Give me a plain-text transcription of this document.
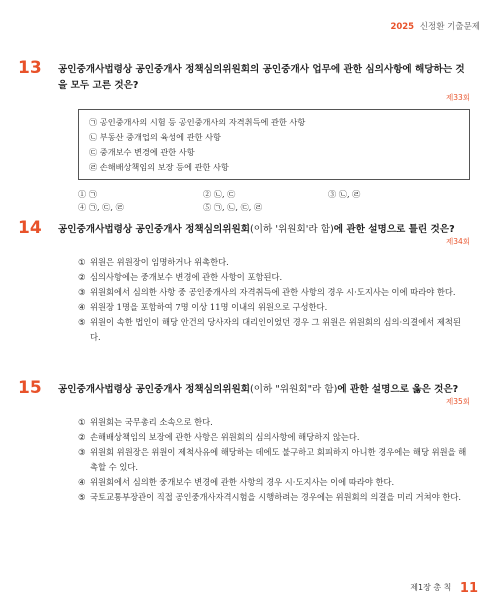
2025 신정환 기출문제
13 공인중개사법령상 공인중개사 정책심의위원회의 공인중개사 업무에 관한 심의사항에 해당하는 것을 모두 고른 것은?
제33회
㉠ 공인중개사의 시험 등 공인중개사의 자격취득에 관한 사항
㉡ 부동산 중개업의 육성에 관한 사항
㉢ 중개보수 변경에 관한 사항
㉣ 손해배상책임의 보장 등에 관한 사항
① ㉠	② ㉡, ㉢	③ ㉡, ㉣
④ ㉠, ㉢, ㉣	⑤ ㉠, ㉡, ㉢, ㉣
14 공인중개사법령상 공인중개사 정책심의위원회(이하 '위원회'라 함)에 관한 설명으로 틀린 것은?
제34회
① 위원은 위원장이 임명하거나 위촉한다.
② 심의사항에는 중개보수 변경에 관한 사항이 포함된다.
③ 위원회에서 심의한 사항 중 공인중개사의 자격취득에 관한 사항의 경우 시·도지사는 이에 따라야 한다.
④ 위원장 1명을 포함하여 7명 이상 11명 이내의 위원으로 구성한다.
⑤ 위원이 속한 법인이 해당 안건의 당사자의 대리인이었던 경우 그 위원은 위원회의 심의·의결에서 제척된다.
15 공인중개사법령상 공인중개사 정책심의위원회(이하 "위원회"라 함)에 관한 설명으로 옳은 것은?
제35회
① 위원회는 국무총리 소속으로 한다.
② 손해배상책임의 보장에 관한 사항은 위원회의 심의사항에 해당하지 않는다.
③ 위원회 위원장은 위원이 제척사유에 해당하는 데에도 불구하고 회피하지 아니한 경우에는 해당 위원을 해촉할 수 있다.
④ 위원회에서 심의한 중개보수 변경에 관한 사항의 경우 시·도지사는 이에 따라야 한다.
⑤ 국토교통부장관이 직접 공인중개사자격시험을 시행하려는 경우에는 위원회의 의결을 미리 거쳐야 한다.
제1장 총 칙 11
